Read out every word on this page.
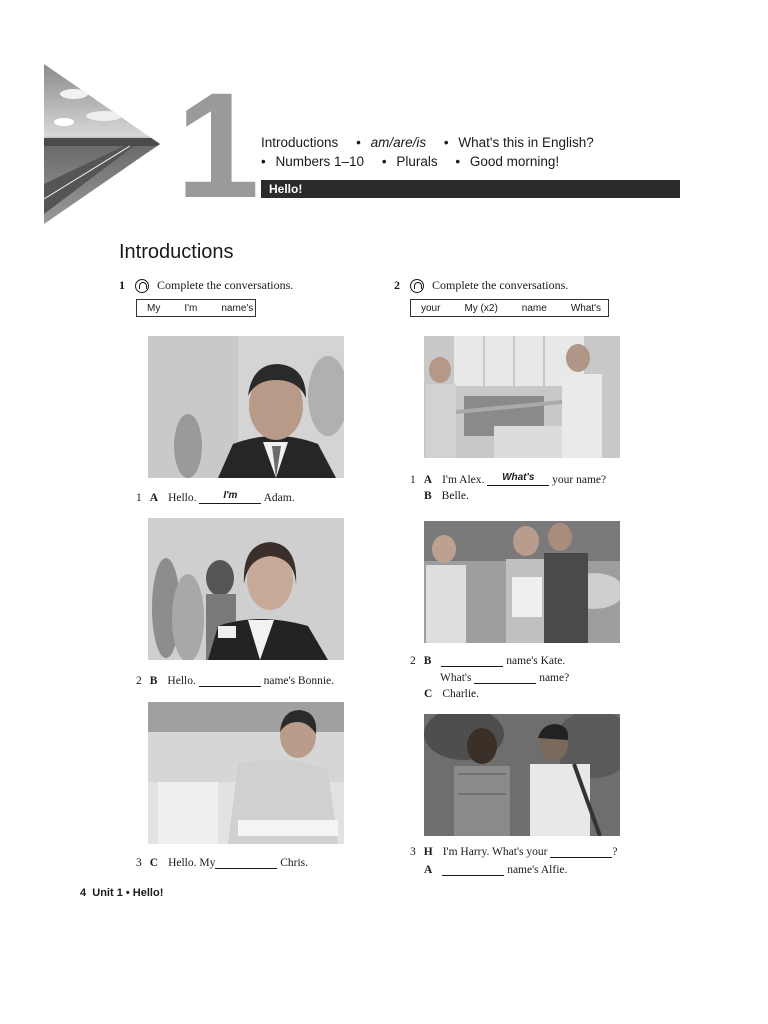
1 Introductions • am/are/is • What's this in English?
• Numbers 1–10 • Plurals • Good morning!
Hello!
Introductions
1	Complete the conversations.
My I'm name's
1 A Hello.	I'm Adam.
2 B Hello.	name's Bonnie.
3 C Hello. My	Chris.
2	Complete the conversations.
your My (x2) name What's
1 A I'm Alex. What's your name?
B Belle.
2 B	name's Kate.
What's	name?
C Charlie.
3 H I'm Harry. What's your	?
A	name's Alfie.
4 Unit 1 • Hello!
